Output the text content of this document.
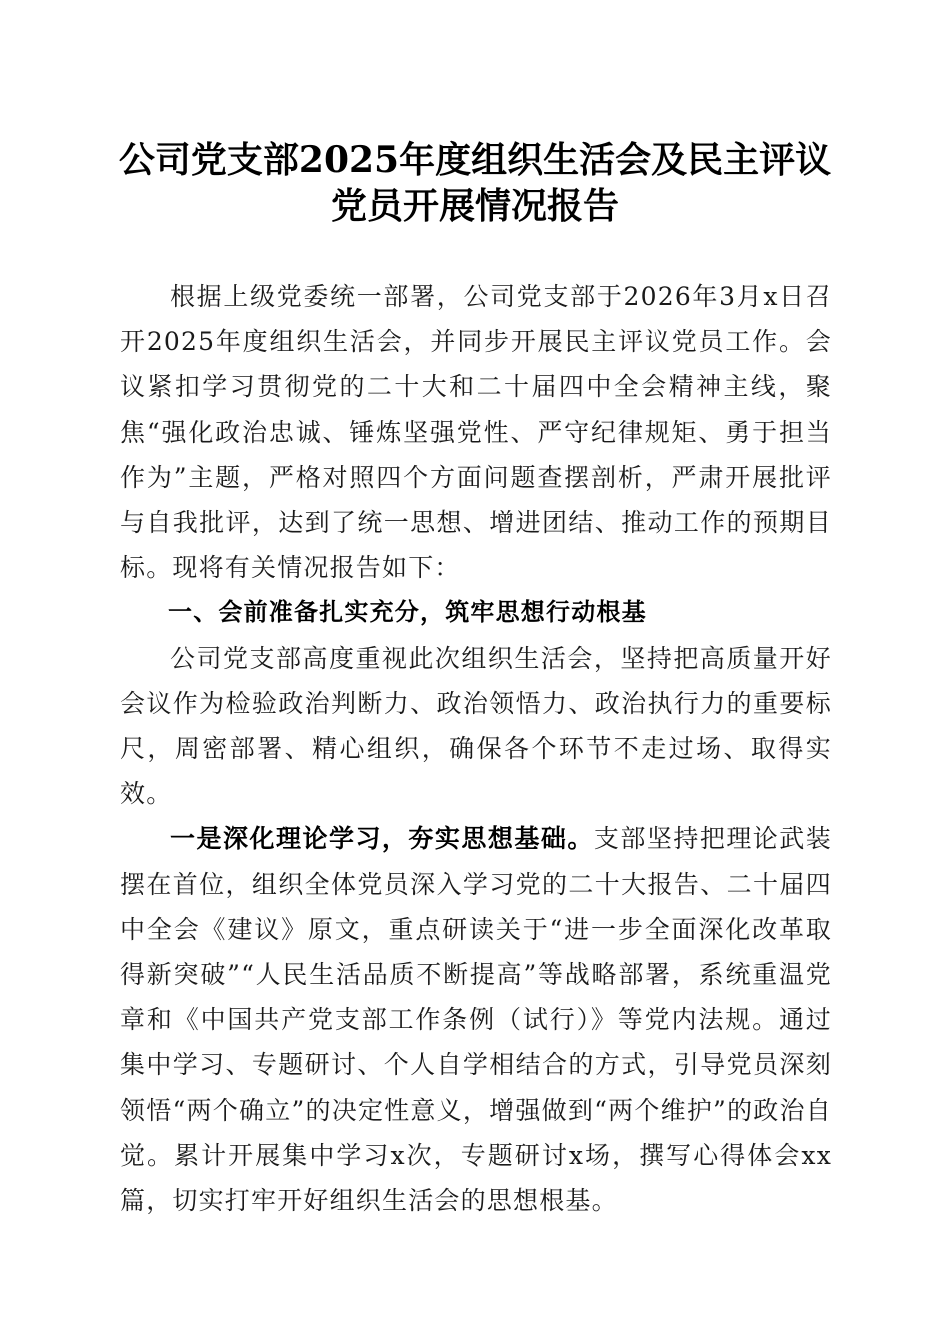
公司党支部2025年度组织生活会及民主评议
党员开展情况报告

根据上级党委统一部署，公司党支部于2026年3月x日召开2025年度组织生活会，并同步开展民主评议党员工作。会议紧扣学习贯彻党的二十大和二十届四中全会精神主线，聚焦“强化政治忠诚、锤炼坚强党性、严守纪律规矩、勇于担当作为”主题，严格对照四个方面问题查摆剖析，严肃开展批评与自我批评，达到了统一思想、增进团结、推动工作的预期目标。现将有关情况报告如下：

一、会前准备扎实充分，筑牢思想行动根基

公司党支部高度重视此次组织生活会，坚持把高质量开好会议作为检验政治判断力、政治领悟力、政治执行力的重要标尺，周密部署、精心组织，确保各个环节不走过场、取得实效。

一是深化理论学习，夯实思想基础。支部坚持把理论武装摆在首位，组织全体党员深入学习党的二十大报告、二十届四中全会《建议》原文，重点研读关于“进一步全面深化改革取得新突破”“人民生活品质不断提高”等战略部署，系统重温党章和《中国共产党支部工作条例（试行）》等党内法规。通过集中学习、专题研讨、个人自学相结合的方式，引导党员深刻领悟“两个确立”的决定性意义，增强做到“两个维护”的政治自觉。累计开展集中学习x次，专题研讨x场，撰写心得体会xx篇，切实打牢开好组织生活会的思想根基。
